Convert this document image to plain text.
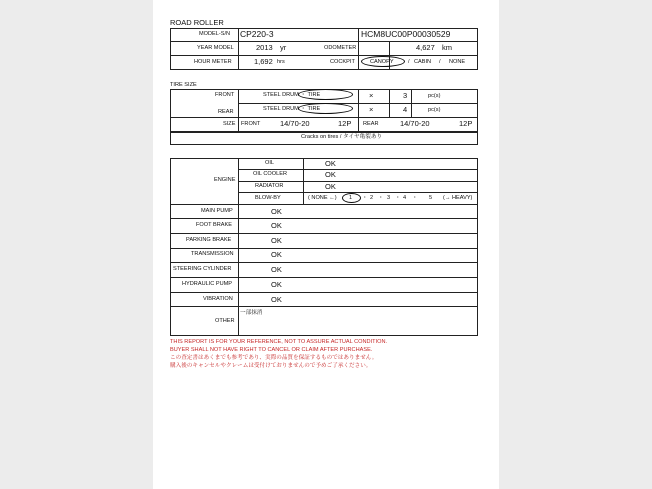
ROAD ROLLER
MODEL-S/N CP220-3	HCM8UC00P00030529
YEAR MODEL	2013 yr	ODOMETER	4,627 km
HOUR METER	1,692 hrs	COCKPIT	CANOPY	/ CABIN / NONE
TIRE SIZE
FRONT	STEEL DRUM ・ TIRE	×	3	pc(s)
REAR	STEEL DRUM ・ TIRE	×	4	pc(s)
SIZE FRONT	14/70-20	12P REAR	14/70-20	12P
Cracks on tires / タイヤ亀裂あり
ENGINE
OIL	OK
OIL COOLER	OK
RADIATOR	OK
BLOW-BY	( NONE ←) 1 ・ 2 ・ 3 ・ 4 ・ 5 (→ HEAVY)
MAIN PUMP	OK
FOOT BRAKE	OK
PARKING BRAKE	OK
TRANSMISSION	OK
STEERING CYLINDER	OK
HYDRAULIC PUMP	OK
VIBRATION	OK
OTHER
一部抹消
THIS REPORT IS FOR YOUR REFERENCE, NOT TO ASSURE ACTUAL CONDITION.
BUYER SHALL NOT HAVE RIGHT TO CANCEL OR CLAIM AFTER PURCHASE.
この査定書はあくまでも参考であり、実際の品質を保証するものではありません。
購入後のキャンセルやクレームは受付けておりませんので予めご了承ください。
